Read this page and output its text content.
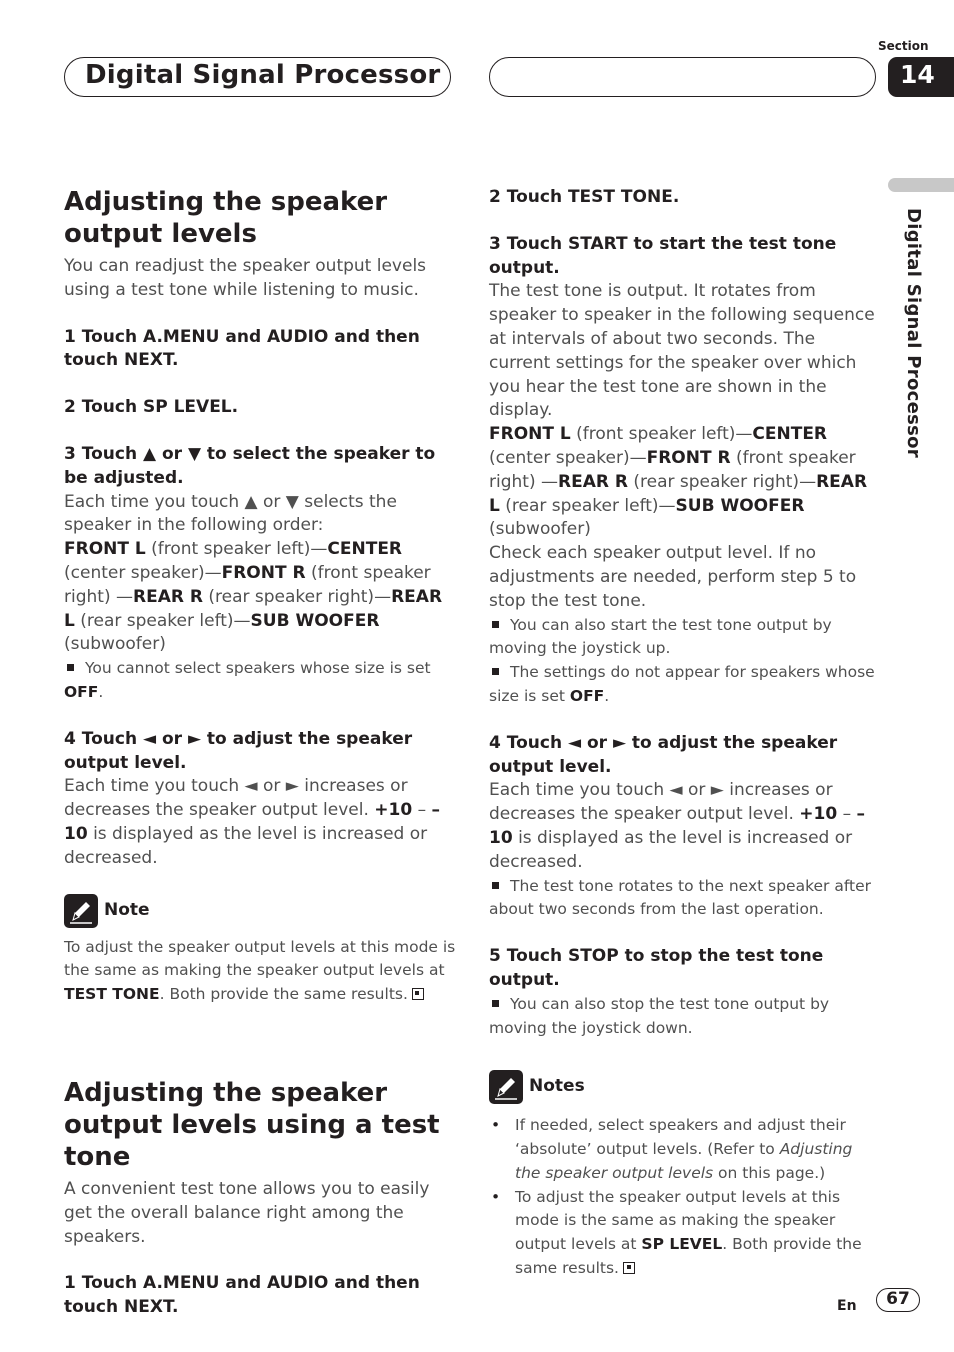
Digital Signal Processor
Section
14
Digital Signal Processor
Adjusting the speaker output levels

You can readjust the speaker output levels using a test tone while listening to music.

1 Touch A.MENU and AUDIO and then touch NEXT.

2 Touch SP LEVEL.

3 Touch ▲ or ▼ to select the speaker to be adjusted.

Each time you touch ▲ or ▼ selects the speaker in the following order:
FRONT L (front speaker left)—CENTER (center speaker)—FRONT R (front speaker right) —REAR R (rear speaker right)—REAR L (rear speaker left)—SUB WOOFER (subwoofer)

You cannot select speakers whose size is set OFF.

4 Touch ◄ or ► to adjust the speaker output level.

Each time you touch ◄ or ► increases or decreases the speaker output level. +10 – –10 is displayed as the level is increased or decreased.

Note

To adjust the speaker output levels at this mode is the same as making the speaker output levels at TEST TONE. Both provide the same results.

Adjusting the speaker output levels using a test tone

A convenient test tone allows you to easily get the overall balance right among the speakers.

1 Touch A.MENU and AUDIO and then touch NEXT.

2 Touch TEST TONE.

3 Touch START to start the test tone output.

The test tone is output. It rotates from speaker to speaker in the following sequence at intervals of about two seconds. The current settings for the speaker over which you hear the test tone are shown in the display.

FRONT L (front speaker left)—CENTER (center speaker)—FRONT R (front speaker right) —REAR R (rear speaker right)—REAR L (rear speaker left)—SUB WOOFER (subwoofer)

Check each speaker output level. If no adjustments are needed, perform step 5 to stop the test tone.

You can also start the test tone output by moving the joystick up.

The settings do not appear for speakers whose size is set OFF.

4 Touch ◄ or ► to adjust the speaker output level.

Each time you touch ◄ or ► increases or decreases the speaker output level. +10 – –10 is displayed as the level is increased or decreased.

The test tone rotates to the next speaker after about two seconds from the last operation.

5 Touch STOP to stop the test tone output.

You can also stop the test tone output by moving the joystick down.

Notes
• If needed, select speakers and adjust their ‘absolute’ output levels. (Refer to Adjusting the speaker output levels on this page.)
• To adjust the speaker output levels at this mode is the same as making the speaker output levels at SP LEVEL. Both provide the same results.
En	67
